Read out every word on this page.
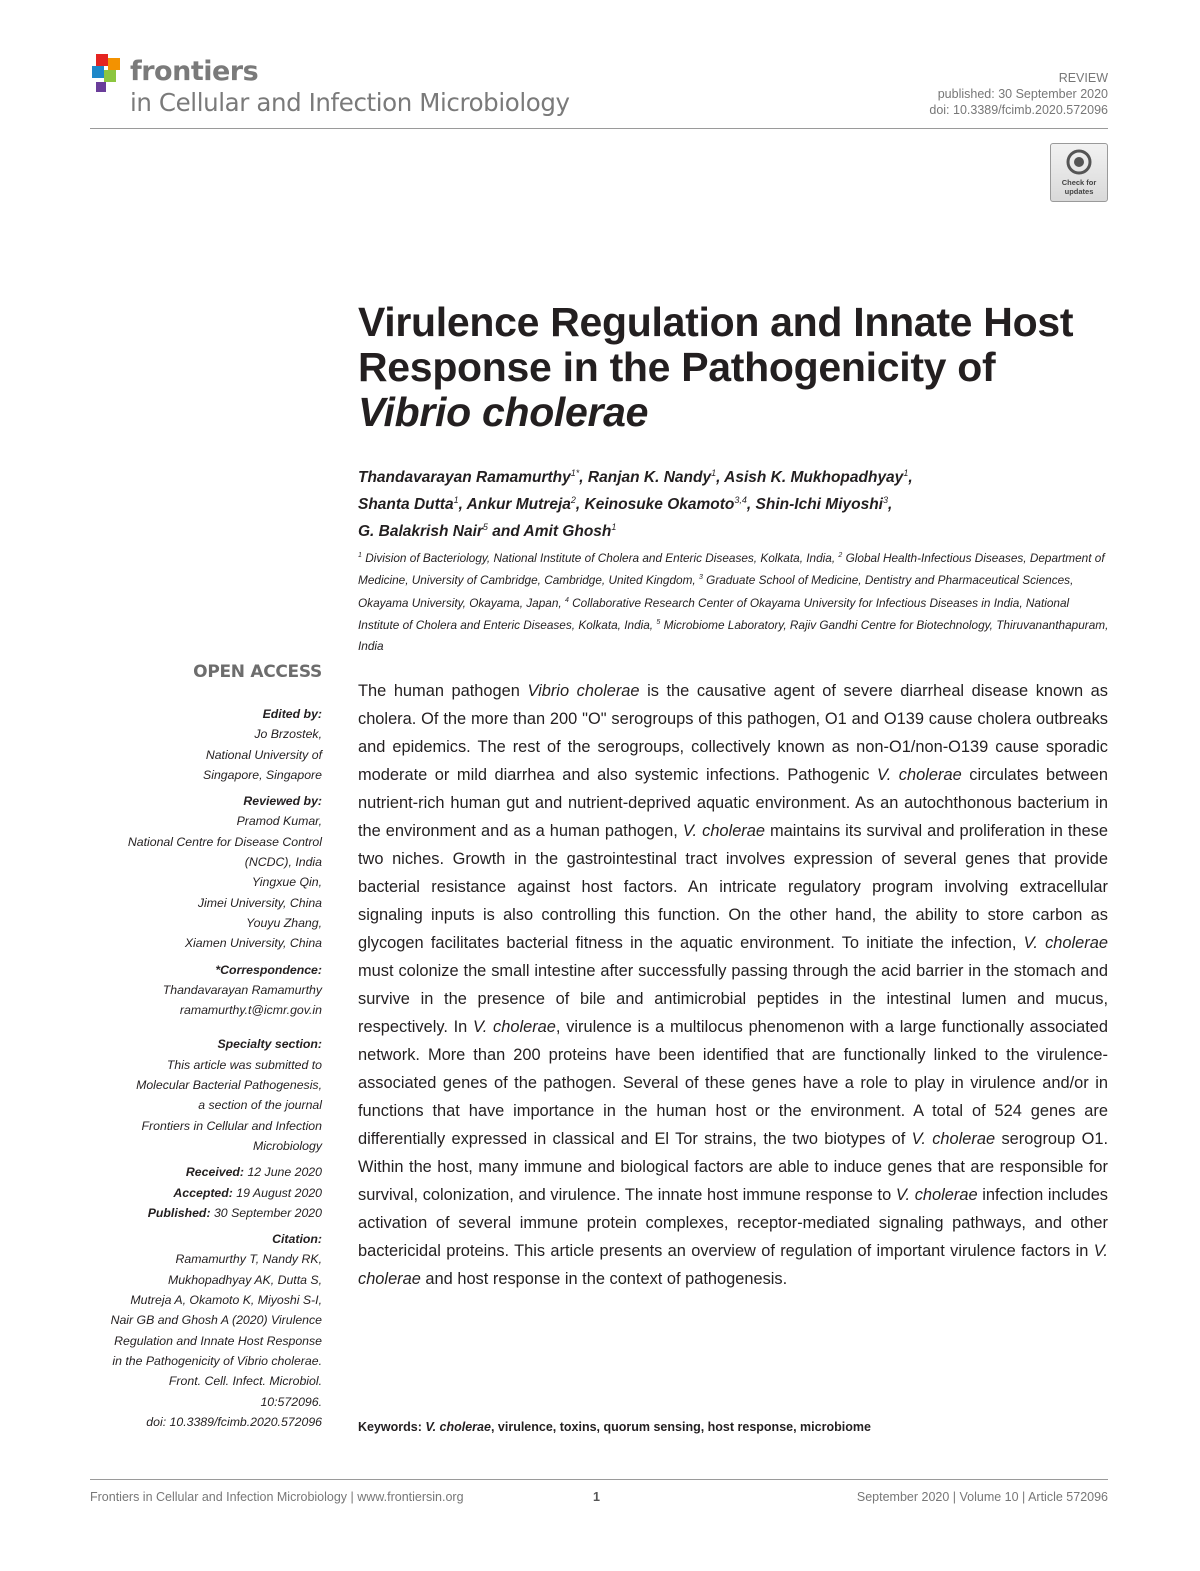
frontiers
in Cellular and Infection Microbiology
REVIEW
published: 30 September 2020
doi: 10.3389/fcimb.2020.572096
Check for
updates
Virulence Regulation and Innate Host
Response in the Pathogenicity of
Vibrio cholerae
Thandavarayan Ramamurthy$^{1*}$, Ranjan K. Nandy$^1$, Asish K. Mukhopadhyay$^1$,
Shanta Dutta$^1$, Ankur Mutreja$^2$, Keinosuke Okamoto$^{3,4}$, Shin-Ichi Miyoshi$^3$,
G. Balakrish Nair$^5$ and Amit Ghosh$^1$
$^1$ Division of Bacteriology, National Institute of Cholera and Enteric Diseases, Kolkata, India, $^2$ Global Health-Infectious Diseases, Department of Medicine, University of Cambridge, Cambridge, United Kingdom, $^3$ Graduate School of Medicine, Dentistry and Pharmaceutical Sciences, Okayama University, Okayama, Japan, $^4$ Collaborative Research Center of Okayama University for Infectious Diseases in India, National Institute of Cholera and Enteric Diseases, Kolkata, India, $^5$ Microbiome Laboratory, Rajiv Gandhi Centre for Biotechnology, Thiruvananthapuram, India
OPEN ACCESS
Edited by:
Jo Brzostek,
National University of
Singapore, Singapore
Reviewed by:
Pramod Kumar,
National Centre for Disease Control
(NCDC), India
Yingxue Qin,
Jimei University, China
Youyu Zhang,
Xiamen University, China
*Correspondence:
Thandavarayan Ramamurthy
ramamurthy.t@icmr.gov.in
Specialty section:
This article was submitted to
Molecular Bacterial Pathogenesis,
a section of the journal
Frontiers in Cellular and Infection
Microbiology
Received: 12 June 2020
Accepted: 19 August 2020
Published: 30 September 2020
Citation:
Ramamurthy T, Nandy RK,
Mukhopadhyay AK, Dutta S,
Mutreja A, Okamoto K, Miyoshi S-I,
Nair GB and Ghosh A (2020) Virulence
Regulation and Innate Host Response
in the Pathogenicity of Vibrio cholerae.
Front. Cell. Infect. Microbiol.
10:572096.
doi: 10.3389/fcimb.2020.572096
The human pathogen Vibrio cholerae is the causative agent of severe diarrheal disease known as cholera. Of the more than 200 "O" serogroups of this pathogen, O1 and O139 cause cholera outbreaks and epidemics. The rest of the serogroups, collectively known as non-O1/non-O139 cause sporadic moderate or mild diarrhea and also systemic infections. Pathogenic V. cholerae circulates between nutrient-rich human gut and nutrient-deprived aquatic environment. As an autochthonous bacterium in the environment and as a human pathogen, V. cholerae maintains its survival and proliferation in these two niches. Growth in the gastrointestinal tract involves expression of several genes that provide bacterial resistance against host factors. An intricate regulatory program involving extracellular signaling inputs is also controlling this function. On the other hand, the ability to store carbon as glycogen facilitates bacterial fitness in the aquatic environment. To initiate the infection, V. cholerae must colonize the small intestine after successfully passing through the acid barrier in the stomach and survive in the presence of bile and antimicrobial peptides in the intestinal lumen and mucus, respectively. In V. cholerae, virulence is a multilocus phenomenon with a large functionally associated network. More than 200 proteins have been identified that are functionally linked to the virulence-associated genes of the pathogen. Several of these genes have a role to play in virulence and/or in functions that have importance in the human host or the environment. A total of 524 genes are differentially expressed in classical and El Tor strains, the two biotypes of V. cholerae serogroup O1. Within the host, many immune and biological factors are able to induce genes that are responsible for survival, colonization, and virulence. The innate host immune response to V. cholerae infection includes activation of several immune protein complexes, receptor-mediated signaling pathways, and other bactericidal proteins. This article presents an overview of regulation of important virulence factors in V. cholerae and host response in the context of pathogenesis.
Keywords: V. cholerae, virulence, toxins, quorum sensing, host response, microbiome
Frontiers in Cellular and Infection Microbiology | www.frontiersin.org	1	September 2020 | Volume 10 | Article 572096
